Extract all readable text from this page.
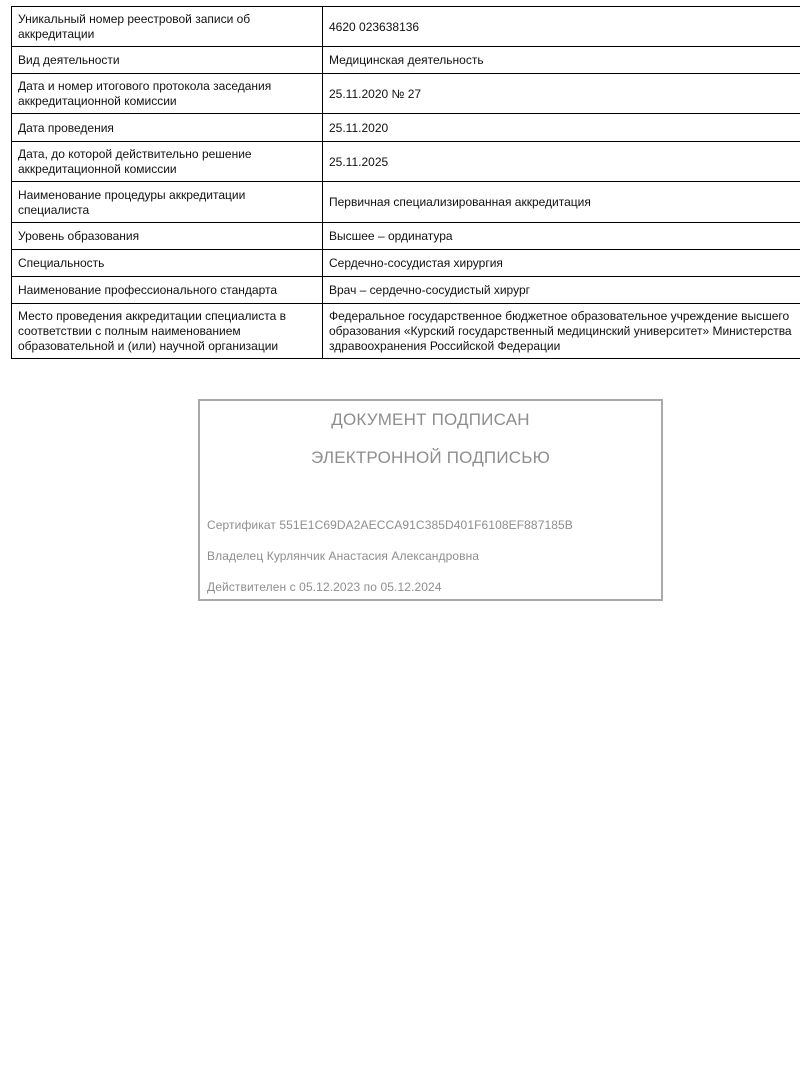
Уникальный номер реестровой записи об аккредитации	4620 023638136
Вид деятельности	Медицинская деятельность
Дата и номер итогового протокола заседания аккредитационной комиссии	25.11.2020 № 27
Дата проведения	25.11.2020
Дата, до которой действительно решение аккредитационной комиссии	25.11.2025
Наименование процедуры аккредитации специалиста	Первичная специализированная аккредитация
Уровень образования	Высшее – ординатура
Специальность	Сердечно-сосудистая хирургия
Наименование профессионального стандарта	Врач – сердечно-сосудистый хирург
Место проведения аккредитации специалиста в соответствии с полным наименованием образовательной и (или) научной организации	Федеральное государственное бюджетное образовательное учреждение высшего образования «Курский государственный медицинский университет» Министерства здравоохранения Российской Федерации
ДОКУМЕНТ ПОДПИСАН
ЭЛЕКТРОННОЙ ПОДПИСЬЮ
Сертификат 551E1C69DA2AECCA91C385D401F6108EF887185B
Владелец Курлянчик Анастасия Александровна
Действителен с 05.12.2023 по 05.12.2024
